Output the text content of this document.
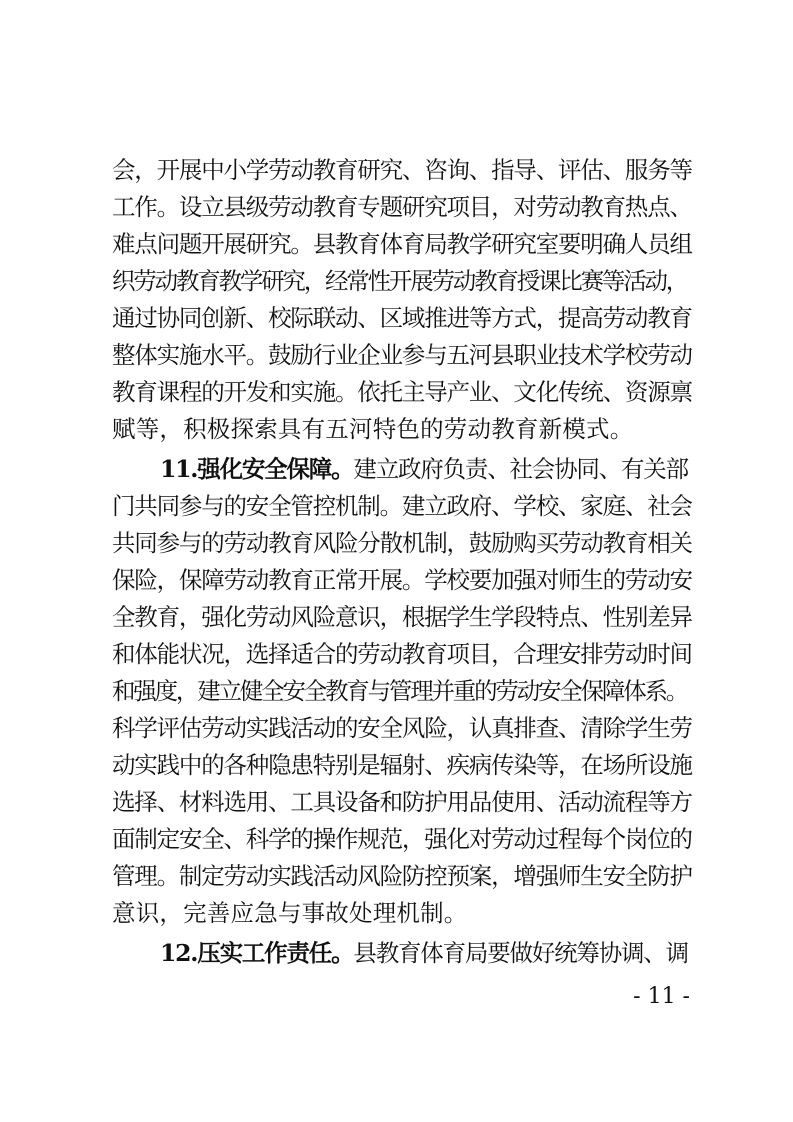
会，开展中小学劳动教育研究、咨询、指导、评估、服务等
工作。设立县级劳动教育专题研究项目，对劳动教育热点、
难点问题开展研究。县教育体育局教学研究室要明确人员组
织劳动教育教学研究，经常性开展劳动教育授课比赛等活动，
通过协同创新、校际联动、区域推进等方式，提高劳动教育
整体实施水平。鼓励行业企业参与五河县职业技术学校劳动
教育课程的开发和实施。依托主导产业、文化传统、资源禀
赋等，积极探索具有五河特色的劳动教育新模式。
11.强化安全保障。建立政府负责、社会协同、有关部
门共同参与的安全管控机制。建立政府、学校、家庭、社会
共同参与的劳动教育风险分散机制，鼓励购买劳动教育相关
保险，保障劳动教育正常开展。学校要加强对师生的劳动安
全教育，强化劳动风险意识，根据学生学段特点、性别差异
和体能状况，选择适合的劳动教育项目，合理安排劳动时间
和强度，建立健全安全教育与管理并重的劳动安全保障体系。
科学评估劳动实践活动的安全风险，认真排查、清除学生劳
动实践中的各种隐患特别是辐射、疾病传染等，在场所设施
选择、材料选用、工具设备和防护用品使用、活动流程等方
面制定安全、科学的操作规范，强化对劳动过程每个岗位的
管理。制定劳动实践活动风险防控预案，增强师生安全防护
意识，完善应急与事故处理机制。
12.压实工作责任。县教育体育局要做好统筹协调、调
- 11 -
